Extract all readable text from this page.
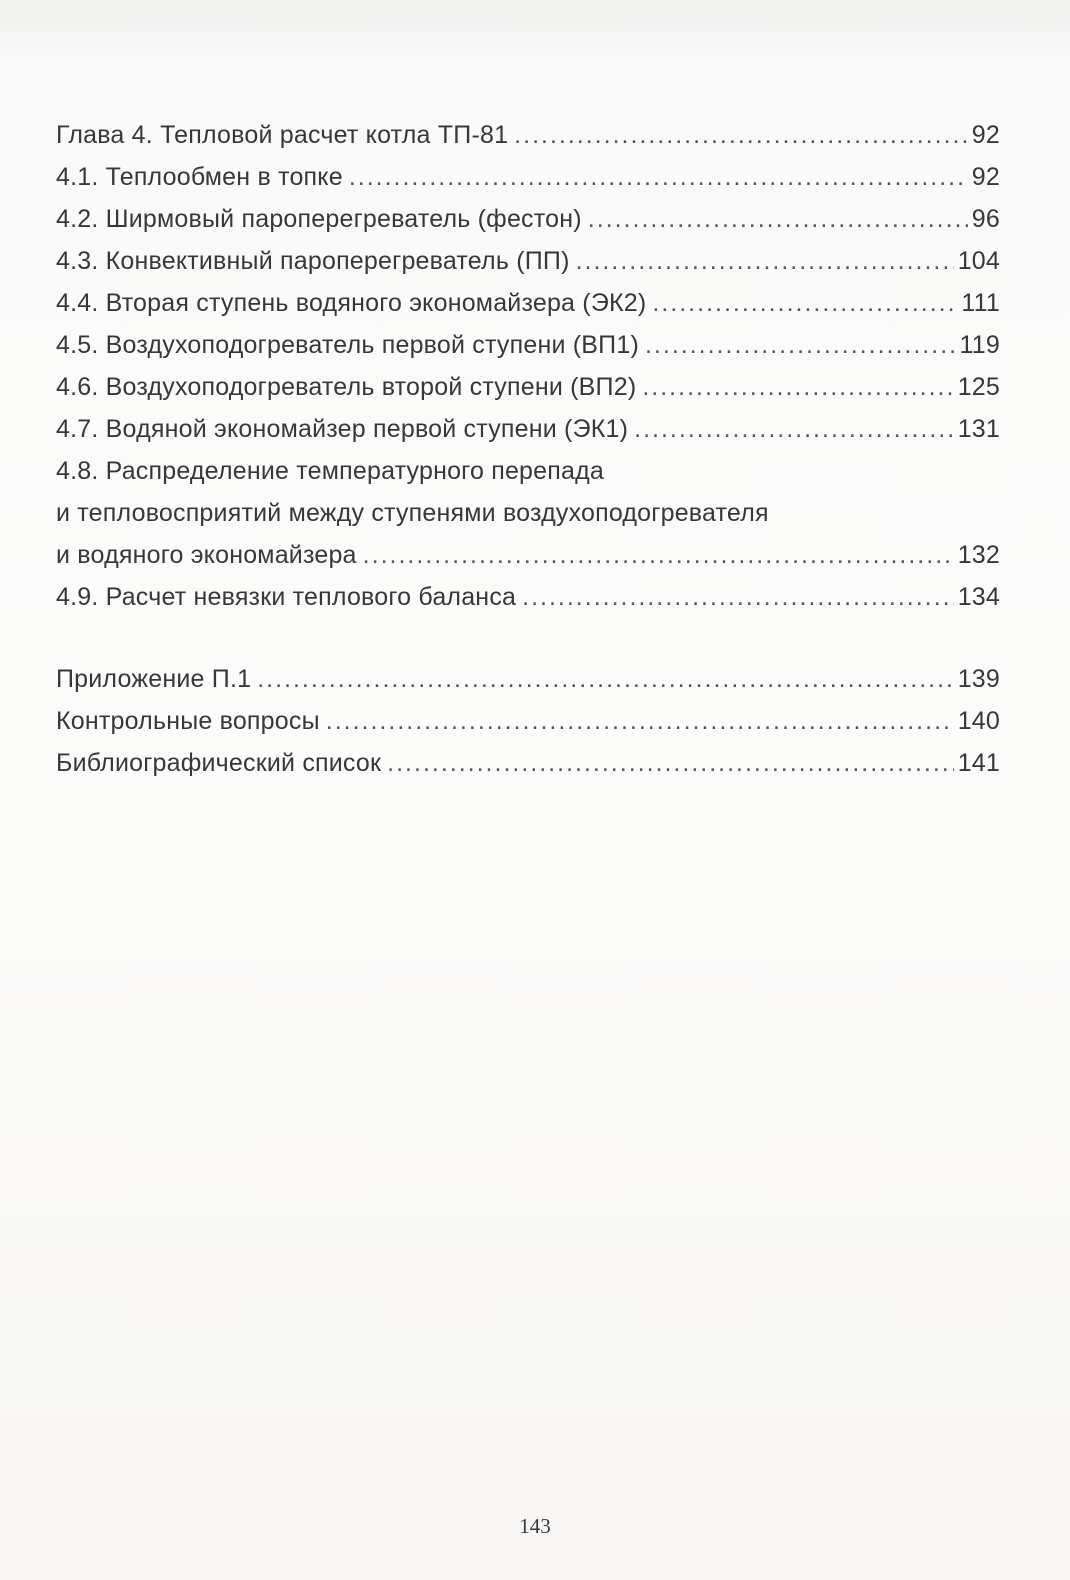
Глава 4. Тепловой расчет котла ТП-81 .....	92
4.1. Теплообмен в топке .....	92
4.2. Ширмовый пароперегреватель (фестон) .....	96
4.3. Конвективный пароперегреватель (ПП) .....	104
4.4. Вторая ступень водяного экономайзера (ЭК2) .....	111
4.5. Воздухоподогреватель первой ступени (ВП1) .....	119
4.6. Воздухоподогреватель второй ступени (ВП2) .....	125
4.7. Водяной экономайзер первой ступени (ЭК1) .....	131
4.8. Распределение температурного перепада
и тепловосприятий между ступенями воздухоподогревателя
и водяного экономайзера .....	132
4.9. Расчет невязки теплового баланса .....	134
Приложение П.1 .....	139
Контрольные вопросы .....	140
Библиографический список .....	141
143
